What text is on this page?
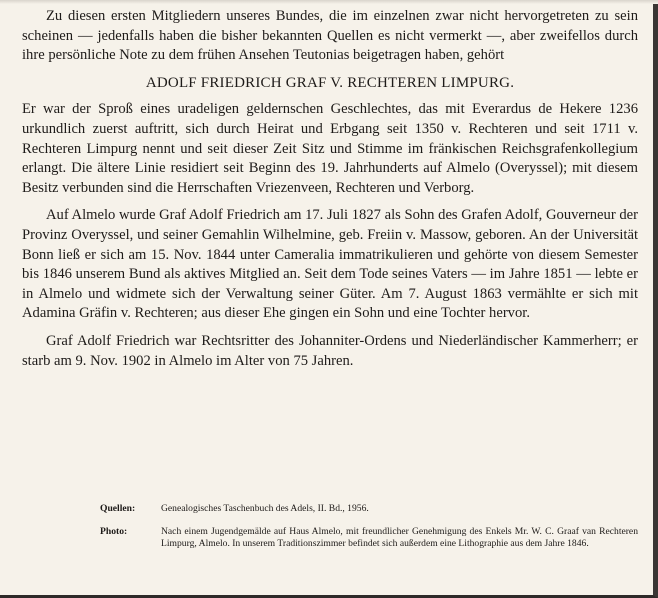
Zu diesen ersten Mitgliedern unseres Bundes, die im einzelnen zwar nicht hervorgetreten zu sein scheinen — jedenfalls haben die bisher bekannten Quellen es nicht vermerkt —, aber zweifellos durch ihre persönliche Note zu dem frühen Ansehen Teutonias beigetragen haben, gehört

ADOLF FRIEDRICH GRAF V. RECHTEREN LIMPURG.

Er war der Sproß eines uradeligen geldernschen Geschlechtes, das mit Everardus de Hekere 1236 urkundlich zuerst auftritt, sich durch Heirat und Erbgang seit 1350 v. Rechteren und seit 1711 v. Rechteren Limpurg nennt und seit dieser Zeit Sitz und Stimme im fränkischen Reichsgrafenkollegium erlangt. Die ältere Linie residiert seit Beginn des 19. Jahrhunderts auf Almelo (Overyssel); mit diesem Besitz verbunden sind die Herrschaften Vriezenveen, Rechteren und Verborg.

Auf Almelo wurde Graf Adolf Friedrich am 17. Juli 1827 als Sohn des Grafen Adolf, Gouverneur der Provinz Overyssel, und seiner Gemahlin Wilhelmine, geb. Freiin v. Massow, geboren. An der Universität Bonn ließ er sich am 15. Nov. 1844 unter Cameralia immatrikulieren und gehörte von diesem Semester bis 1846 unserem Bund als aktives Mitglied an. Seit dem Tode seines Vaters — im Jahre 1851 — lebte er in Almelo und widmete sich der Verwaltung seiner Güter. Am 7. August 1863 vermählte er sich mit Adamina Gräfin v. Rechteren; aus dieser Ehe gingen ein Sohn und eine Tochter hervor.

Graf Adolf Friedrich war Rechtsritter des Johanniter-Ordens und Niederländischer Kammerherr; er starb am 9. Nov. 1902 in Almelo im Alter von 75 Jahren.

Quellen:	Genealogisches Taschenbuch des Adels, II. Bd., 1956.
Photo:	Nach einem Jugendgemälde auf Haus Almelo, mit freundlicher Genehmigung des Enkels Mr. W. C. Graaf van Rechteren Limpurg, Almelo. In unserem Traditionszimmer befindet sich außerdem eine Lithographie aus dem Jahre 1846.
